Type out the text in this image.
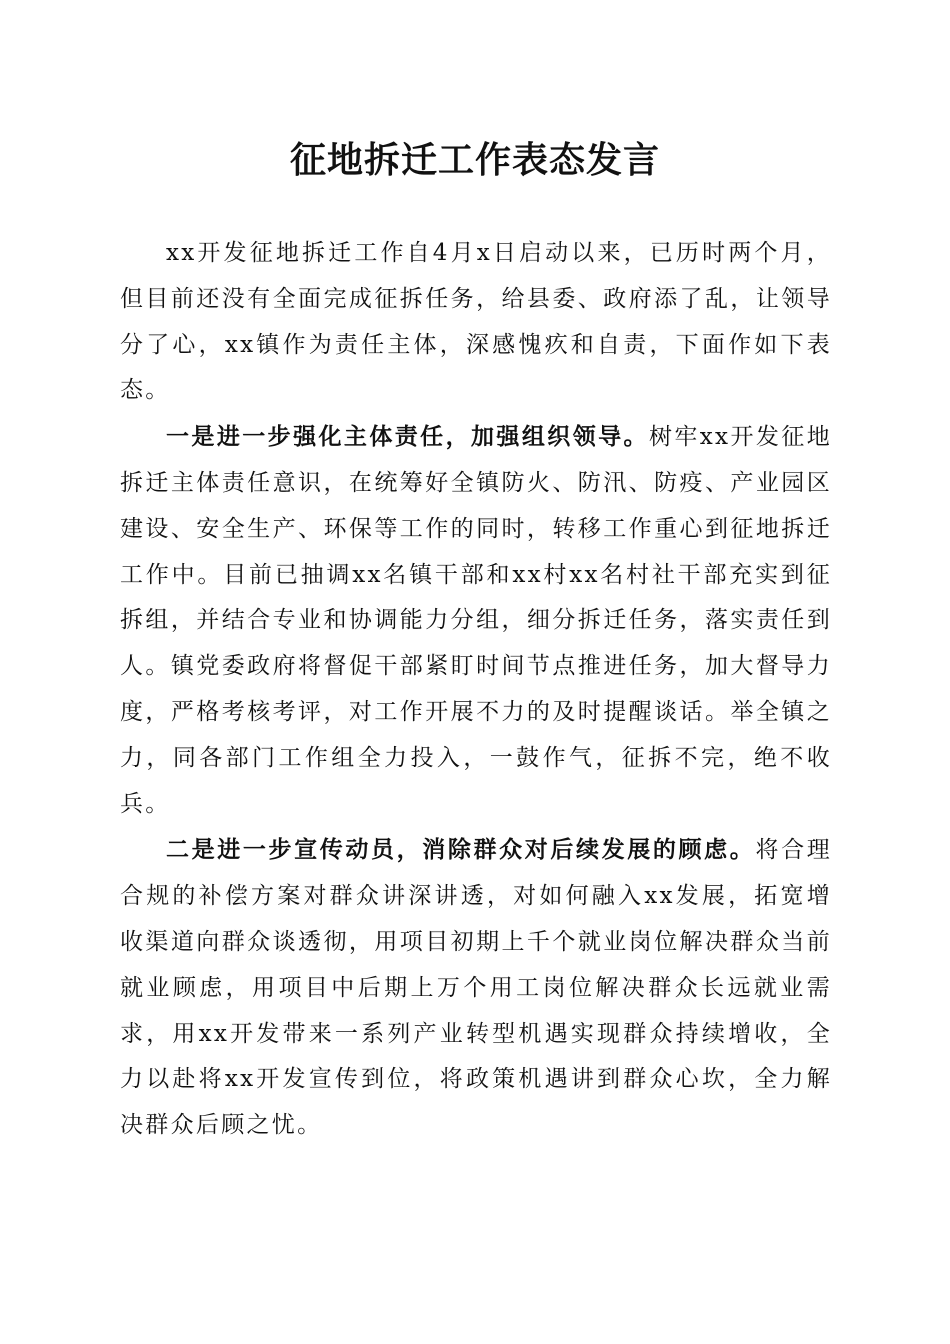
征地拆迁工作表态发言

xx开发征地拆迁工作自4月x日启动以来，已历时两个月，但目前还没有全面完成征拆任务，给县委、政府添了乱，让领导分了心，xx镇作为责任主体，深感愧疚和自责，下面作如下表态。

一是进一步强化主体责任，加强组织领导。树牢xx开发征地拆迁主体责任意识，在统筹好全镇防火、防汛、防疫、产业园区建设、安全生产、环保等工作的同时，转移工作重心到征地拆迁工作中。目前已抽调xx名镇干部和xx村xx名村社干部充实到征拆组，并结合专业和协调能力分组，细分拆迁任务，落实责任到人。镇党委政府将督促干部紧盯时间节点推进任务，加大督导力度，严格考核考评，对工作开展不力的及时提醒谈话。举全镇之力，同各部门工作组全力投入，一鼓作气，征拆不完，绝不收兵。

二是进一步宣传动员，消除群众对后续发展的顾虑。将合理合规的补偿方案对群众讲深讲透，对如何融入xx发展，拓宽增收渠道向群众谈透彻，用项目初期上千个就业岗位解决群众当前就业顾虑，用项目中后期上万个用工岗位解决群众长远就业需求，用xx开发带来一系列产业转型机遇实现群众持续增收，全力以赴将xx开发宣传到位，将政策机遇讲到群众心坎，全力解决群众后顾之忧。
